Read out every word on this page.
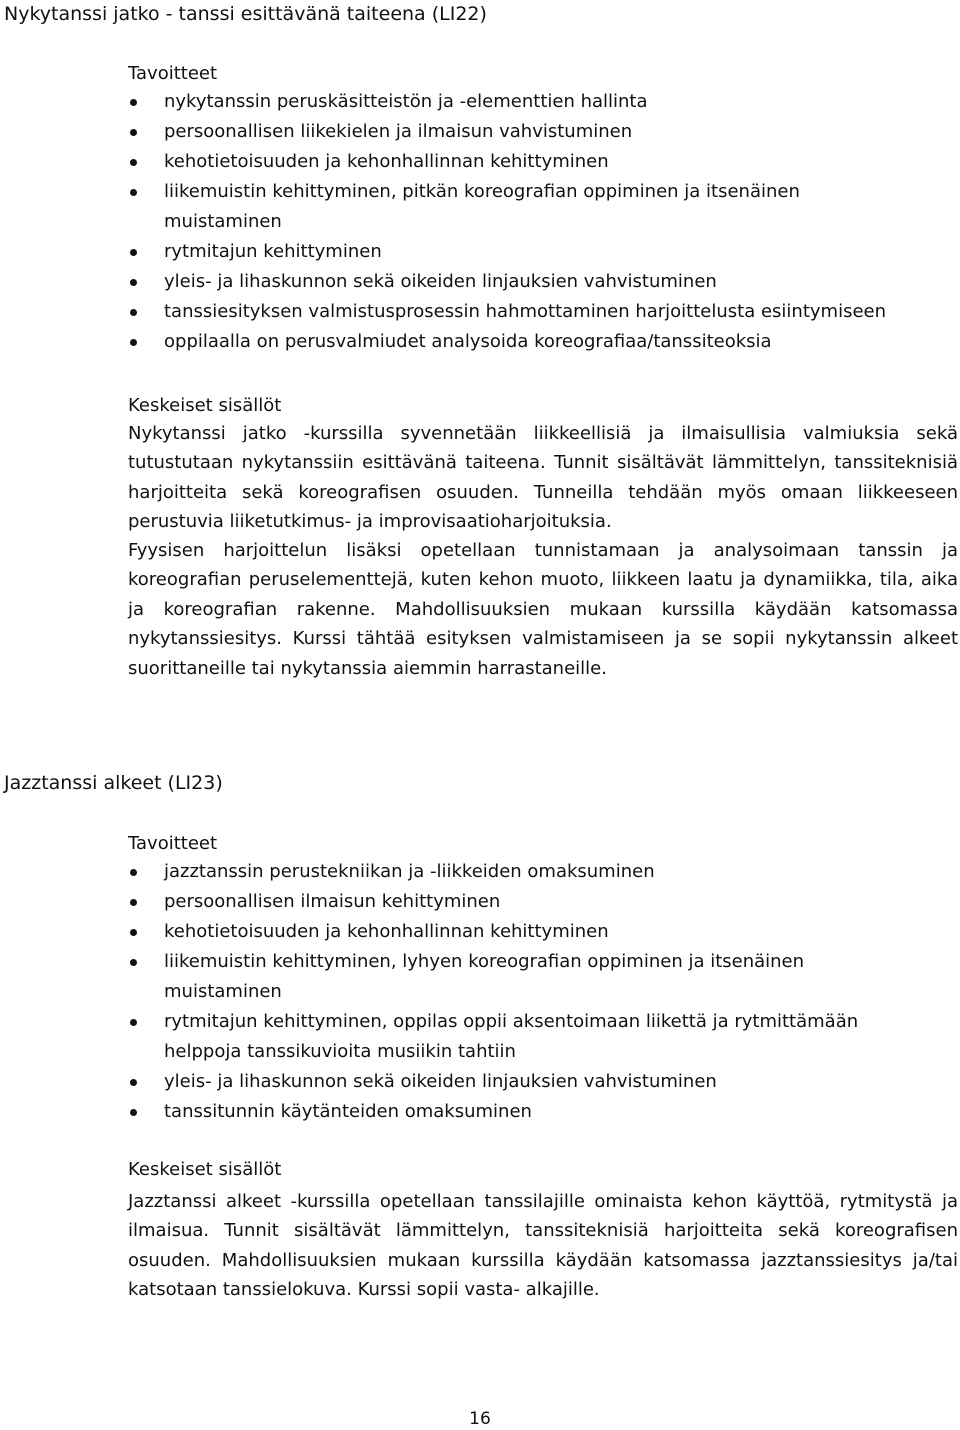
Nykytanssi jatko - tanssi esittävänä taiteena (LI22)
Tavoitteet
nykytanssin peruskäsitteistön ja -elementtien hallinta
persoonallisen liikekielen ja ilmaisun vahvistuminen
kehotietoisuuden ja kehonhallinnan kehittyminen
liikemuistin kehittyminen, pitkän koreografian oppiminen ja itsenäinen muistaminen
rytmitajun kehittyminen
yleis- ja lihaskunnon sekä oikeiden linjauksien vahvistuminen
tanssiesityksen valmistusprosessin hahmottaminen harjoittelusta esiintymiseen
oppilaalla on perusvalmiudet analysoida koreografiaa/tanssiteoksia
Keskeiset sisällöt

Nykytanssi jatko -kurssilla syvennetään liikkeellisiä ja ilmaisullisia valmiuksia sekä tutustutaan nykytanssiin esittävänä taiteena. Tunnit sisältävät lämmittelyn, tanssiteknisiä harjoitteita sekä koreografisen osuuden. Tunneilla tehdään myös omaan liikkeeseen perustuvia liiketutkimus- ja improvisaatioharjoituksia.

Fyysisen harjoittelun lisäksi opetellaan tunnistamaan ja analysoimaan tanssin ja koreografian peruselementtejä, kuten kehon muoto, liikkeen laatu ja dynamiikka, tila, aika ja koreografian rakenne. Mahdollisuuksien mukaan kurssilla käydään katsomassa nykytanssiesitys. Kurssi tähtää esityksen valmistamiseen ja se sopii nykytanssin alkeet suorittaneille tai nykytanssia aiemmin harrastaneille.

Jazztanssi alkeet (LI23)
Tavoitteet
jazztanssin perustekniikan ja -liikkeiden omaksuminen
persoonallisen ilmaisun kehittyminen
kehotietoisuuden ja kehonhallinnan kehittyminen
liikemuistin kehittyminen, lyhyen koreografian oppiminen ja itsenäinen muistaminen
rytmitajun kehittyminen, oppilas oppii aksentoimaan liikettä ja rytmittämään helppoja tanssikuvioita musiikin tahtiin
yleis- ja lihaskunnon sekä oikeiden linjauksien vahvistuminen
tanssitunnin käytänteiden omaksuminen
Keskeiset sisällöt

Jazztanssi alkeet -kurssilla opetellaan tanssilajille ominaista kehon käyttöä, rytmitystä ja ilmaisua. Tunnit sisältävät lämmittelyn, tanssiteknisiä harjoitteita sekä koreografisen osuuden. Mahdollisuuksien mukaan kurssilla käydään katsomassa jazztanssiesitys ja/tai katsotaan tanssielokuva. Kurssi sopii vasta- alkajille.

16
